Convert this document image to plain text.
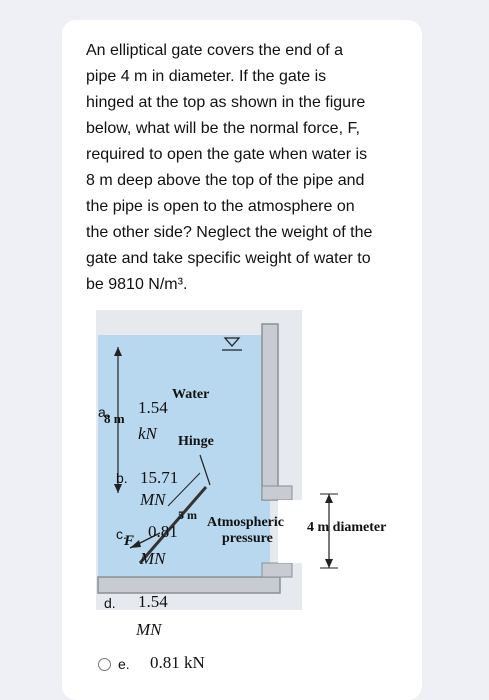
An elliptical gate covers the end of a
pipe 4 m in diameter. If the gate is
hinged at the top as shown in the figure
below, what will be the normal force, F,
required to open the gate when water is
8 m deep above the top of the pipe and
the pipe is open to the atmosphere on
the other side? Neglect the weight of the
gate and take specific weight of water to
be 9810 N/m³.
Water
8 m
Hinge
5 m
F
Atmospheric
pressure
4 m diameter
a. 1.54
kN
b. 15.71
MN
c. 0.81
MN
d. 1.54
MN
e. 0.81 kN
